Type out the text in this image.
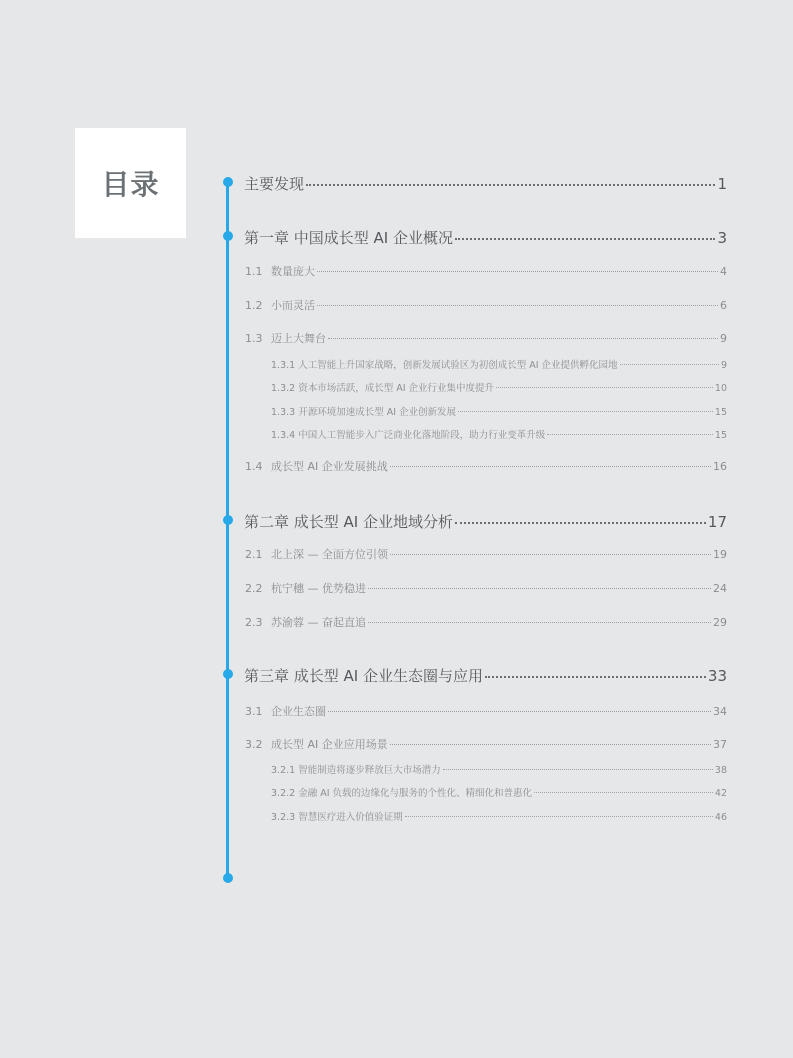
目录	主要发现	1
第一章 中国成长型 AI 企业概况	3
1.1 数量庞大	4
1.2 小而灵活	6
1.3 迈上大舞台	9
1.3.1 人工智能上升国家战略，创新发展试验区为初创成长型 AI 企业提供孵化园地	9
1.3.2 资本市场活跃，成长型 AI 企业行业集中度提升	10
1.3.3 开源环境加速成长型 AI 企业创新发展	15
1.3.4 中国人工智能步入广泛商业化落地阶段，助力行业变革升级	15
1.4 成长型 AI 企业发展挑战	16
第二章 成长型 AI 企业地域分析	17
2.1 北上深 — 全面方位引领	19
2.2 杭宁穗 — 优势稳进	24
2.3 苏渝蓉 — 奋起直追	29
第三章 成长型 AI 企业生态圈与应用	33
3.1 企业生态圈	34
3.2 成长型 AI 企业应用场景	37
3.2.1 智能制造将逐步释放巨大市场潜力	38
3.2.2 金融 AI 负载的边缘化与服务的个性化、精细化和普惠化	42
3.2.3 智慧医疗进入价值验证期	46
